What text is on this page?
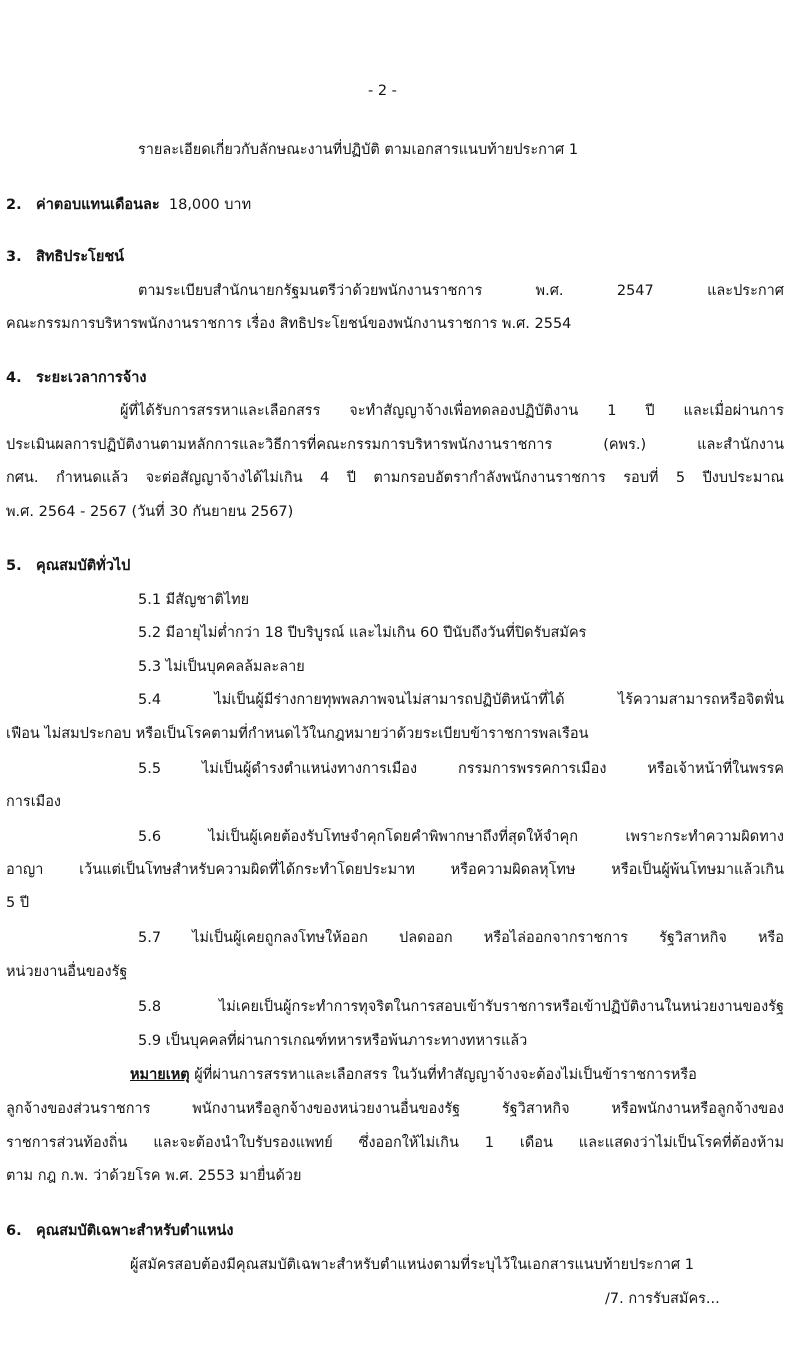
- 2 -
รายละเอียดเกี่ยวกับลักษณะงานที่ปฏิบัติ ตามเอกสารแนบท้ายประกาศ 1
2. ค่าตอบแทนเดือนละ 18,000 บาท
3. สิทธิประโยชน์
ตามระเบียบสำนักนายกรัฐมนตรีว่าด้วยพนักงานราชการ พ.ศ. 2547 และประกาศ
คณะกรรมการบริหารพนักงานราชการ เรื่อง สิทธิประโยชน์ของพนักงานราชการ พ.ศ. 2554
4. ระยะเวลาการจ้าง
ผู้ที่ได้รับการสรรหาและเลือกสรร จะทำสัญญาจ้างเพื่อทดลองปฏิบัติงาน 1 ปี และเมื่อผ่านการ
ประเมินผลการปฏิบัติงานตามหลักการและวิธีการที่คณะกรรมการบริหารพนักงานราชการ (คพร.) และสำนักงาน
กศน. กำหนดแล้ว จะต่อสัญญาจ้างได้ไม่เกิน 4 ปี ตามกรอบอัตรากำลังพนักงานราชการ รอบที่ 5 ปีงบประมาณ
พ.ศ. 2564 - 2567 (วันที่ 30 กันยายน 2567)
5. คุณสมบัติทั่วไป
5.1 มีสัญชาติไทย
5.2 มีอายุไม่ต่ำกว่า 18 ปีบริบูรณ์ และไม่เกิน 60 ปีนับถึงวันที่ปิดรับสมัคร
5.3 ไม่เป็นบุคคลล้มละลาย
5.4 ไม่เป็นผู้มีร่างกายทุพพลภาพจนไม่สามารถปฏิบัติหน้าที่ได้ ไร้ความสามารถหรือจิตฟั่น
เฟือน ไม่สมประกอบ หรือเป็นโรคตามที่กำหนดไว้ในกฎหมายว่าด้วยระเบียบข้าราชการพลเรือน
5.5 ไม่เป็นผู้ดำรงตำแหน่งทางการเมือง กรรมการพรรคการเมือง หรือเจ้าหน้าที่ในพรรค
การเมือง
5.6 ไม่เป็นผู้เคยต้องรับโทษจำคุกโดยคำพิพากษาถึงที่สุดให้จำคุก เพราะกระทำความผิดทาง
อาญา เว้นแต่เป็นโทษสำหรับความผิดที่ได้กระทำโดยประมาท หรือความผิดลหุโทษ หรือเป็นผู้พ้นโทษมาแล้วเกิน
5 ปี
5.7 ไม่เป็นผู้เคยถูกลงโทษให้ออก ปลดออก หรือไล่ออกจากราชการ รัฐวิสาหกิจ หรือ
หน่วยงานอื่นของรัฐ
5.8 ไม่เคยเป็นผู้กระทำการทุจริตในการสอบเข้ารับราชการหรือเข้าปฏิบัติงานในหน่วยงานของรัฐ
5.9 เป็นบุคคลที่ผ่านการเกณฑ์ทหารหรือพ้นภาระทางทหารแล้ว
หมายเหตุ ผู้ที่ผ่านการสรรหาและเลือกสรร ในวันที่ทำสัญญาจ้างจะต้องไม่เป็นข้าราชการหรือ
ลูกจ้างของส่วนราชการ พนักงานหรือลูกจ้างของหน่วยงานอื่นของรัฐ รัฐวิสาหกิจ หรือพนักงานหรือลูกจ้างของ
ราชการส่วนท้องถิ่น และจะต้องนำใบรับรองแพทย์ ซึ่งออกให้ไม่เกิน 1 เดือน และแสดงว่าไม่เป็นโรคที่ต้องห้าม
ตาม กฎ ก.พ. ว่าด้วยโรค พ.ศ. 2553 มายื่นด้วย
6. คุณสมบัติเฉพาะสำหรับตำแหน่ง
ผู้สมัครสอบต้องมีคุณสมบัติเฉพาะสำหรับตำแหน่งตามที่ระบุไว้ในเอกสารแนบท้ายประกาศ 1
/7. การรับสมัคร...
